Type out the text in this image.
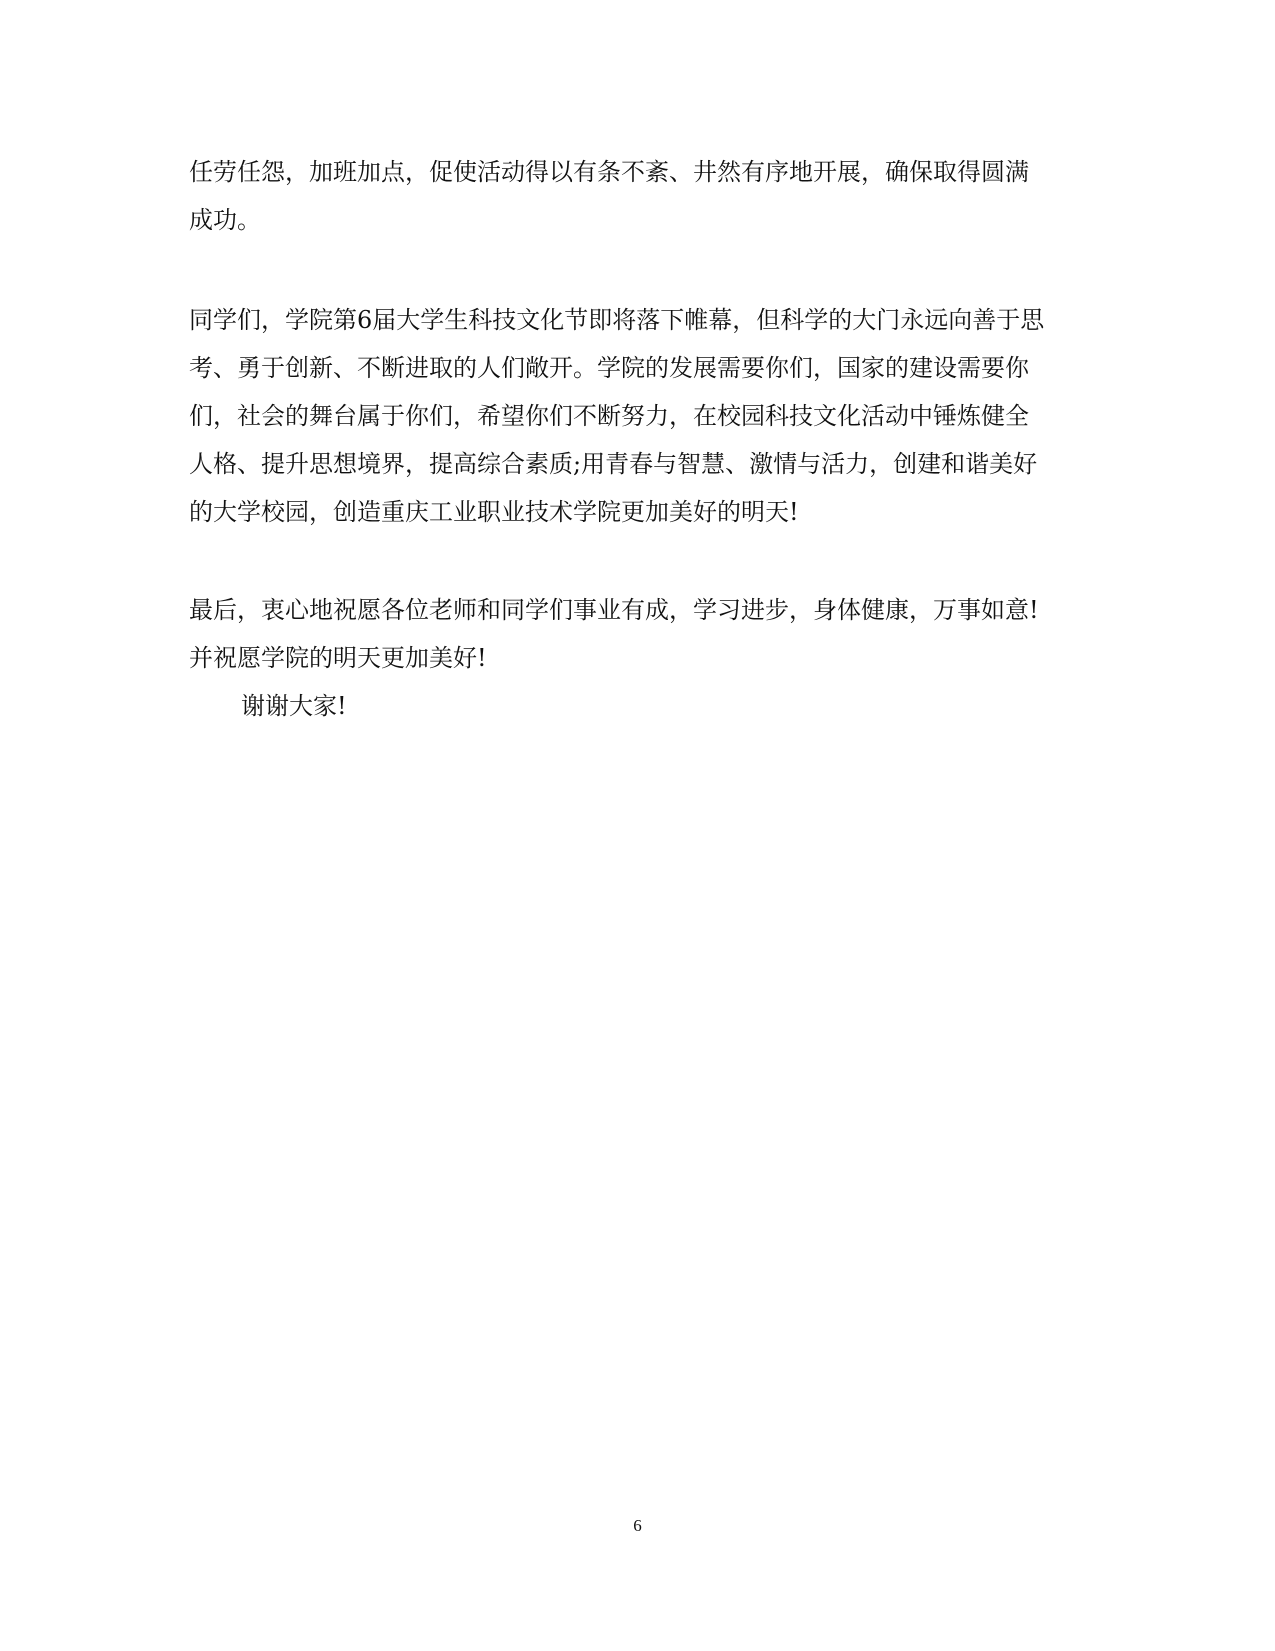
任劳任怨，加班加点，促使活动得以有条不紊、井然有序地开展，确保取得圆满
成功。
同学们，学院第6届大学生科技文化节即将落下帷幕，但科学的大门永远向善于思
考、勇于创新、不断进取的人们敞开。学院的发展需要你们，国家的建设需要你
们，社会的舞台属于你们，希望你们不断努力，在校园科技文化活动中锤炼健全
人格、提升思想境界，提高综合素质;用青春与智慧、激情与活力，创建和谐美好
的大学校园，创造重庆工业职业技术学院更加美好的明天!
最后，衷心地祝愿各位老师和同学们事业有成，学习进步，身体健康，万事如意!
并祝愿学院的明天更加美好!
谢谢大家!
6
